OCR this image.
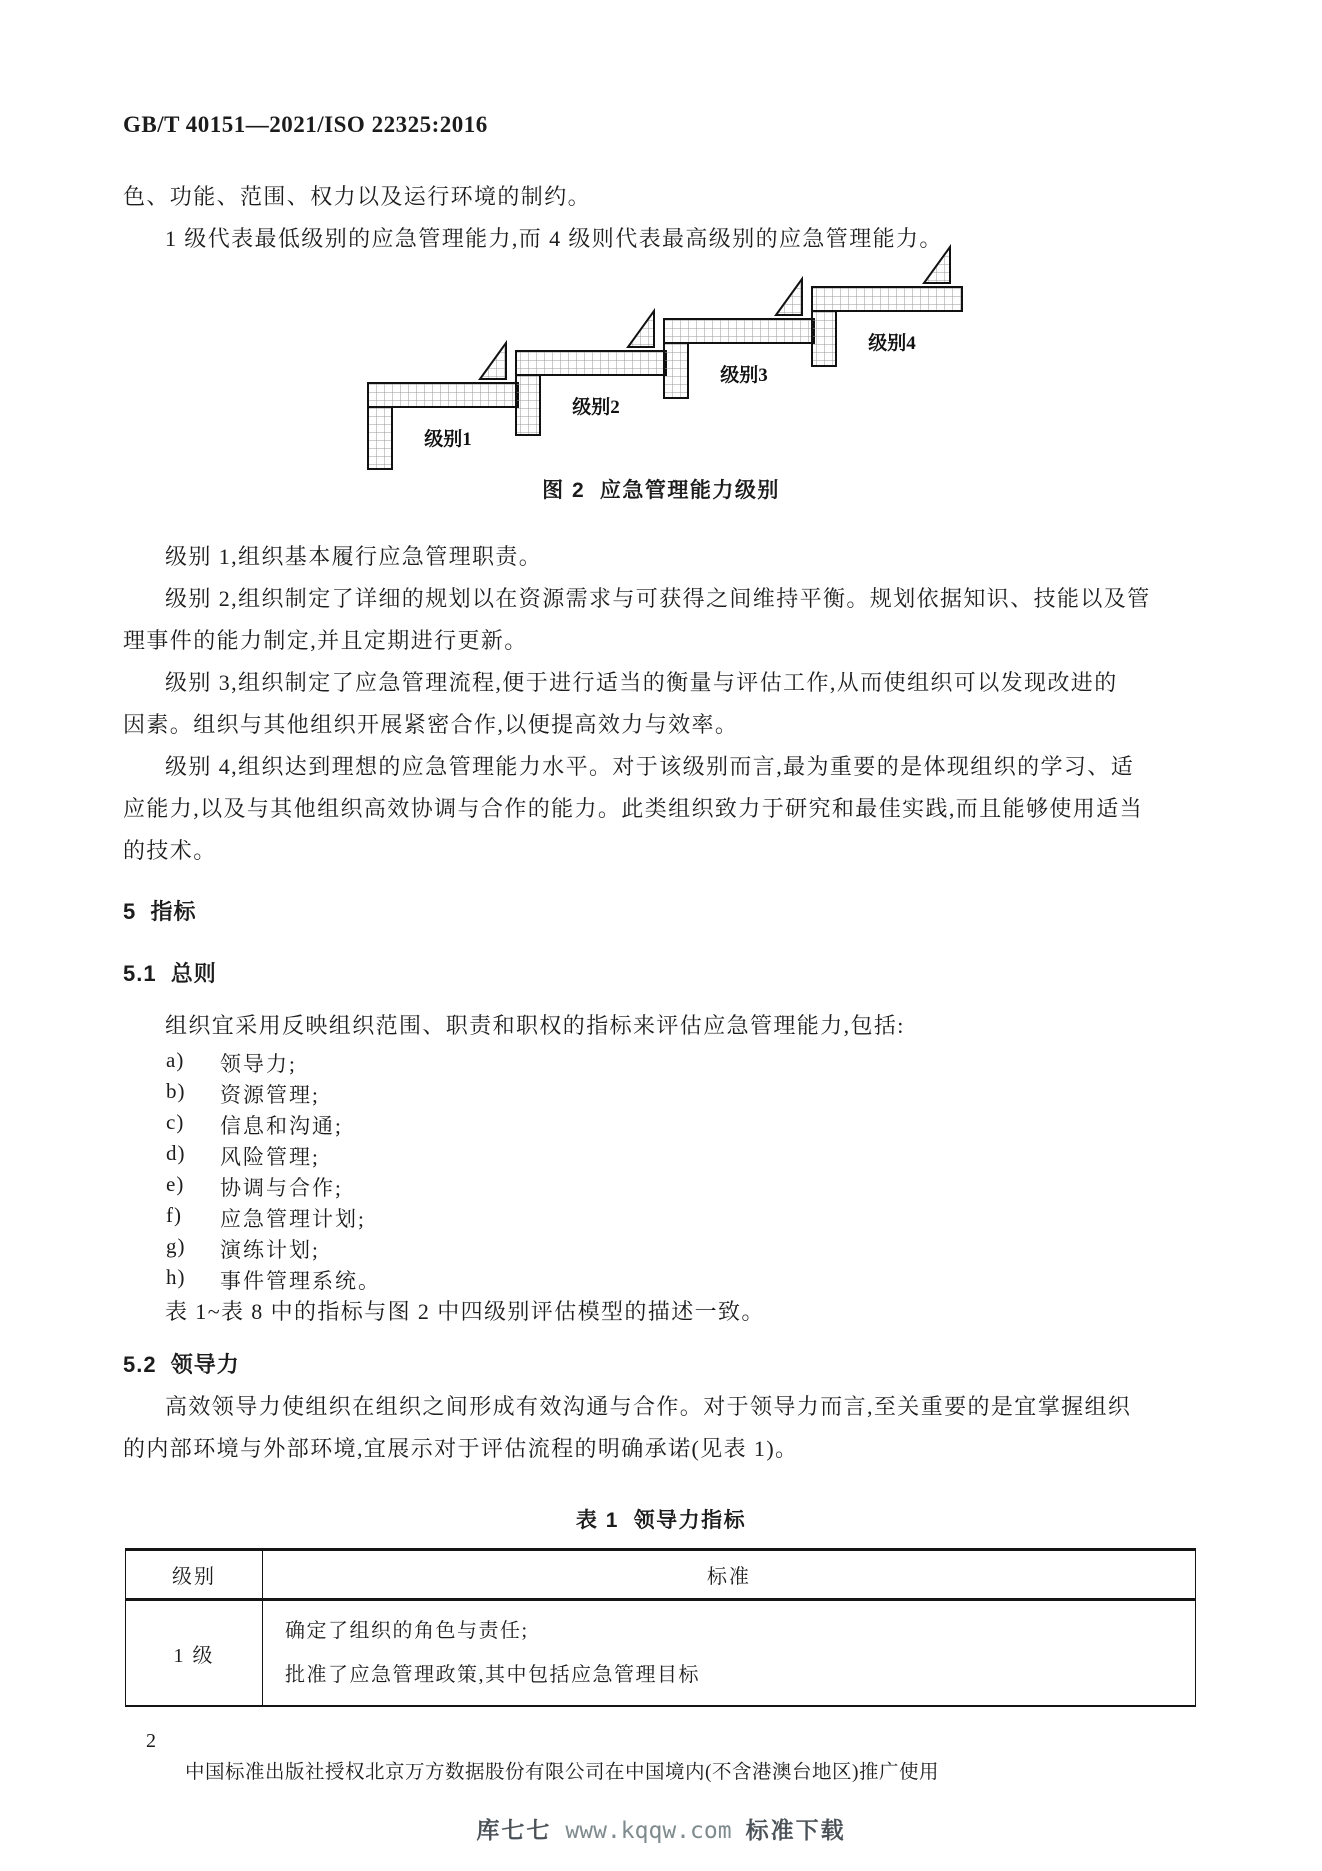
GB/T 40151—2021/ISO 22325:2016
色、功能、范围、权力以及运行环境的制约。
1 级代表最低级别的应急管理能力,而 4 级则代表最高级别的应急管理能力。
级别1
级别2
级别3
级别4
图 2  应急管理能力级别
级别 1,组织基本履行应急管理职责。
级别 2,组织制定了详细的规划以在资源需求与可获得之间维持平衡。规划依据知识、技能以及管
理事件的能力制定,并且定期进行更新。
级别 3,组织制定了应急管理流程,便于进行适当的衡量与评估工作,从而使组织可以发现改进的
因素。组织与其他组织开展紧密合作,以便提高效力与效率。
级别 4,组织达到理想的应急管理能力水平。对于该级别而言,最为重要的是体现组织的学习、适
应能力,以及与其他组织高效协调与合作的能力。此类组织致力于研究和最佳实践,而且能够使用适当
的技术。
5  指标
5.1  总则
组织宜采用反映组织范围、职责和职权的指标来评估应急管理能力,包括:
a) 领导力;
b) 资源管理;
c) 信息和沟通;
d) 风险管理;
e) 协调与合作;
f) 应急管理计划;
g) 演练计划;
h) 事件管理系统。
表 1~表 8 中的指标与图 2 中四级别评估模型的描述一致。
5.2  领导力
高效领导力使组织在组织之间形成有效沟通与合作。对于领导力而言,至关重要的是宜掌握组织
的内部环境与外部环境,宜展示对于评估流程的明确承诺(见表 1)。
表 1  领导力指标
级别	标准
1 级
确定了组织的角色与责任;
批准了应急管理政策,其中包括应急管理目标
2
中国标准出版社授权北京万方数据股份有限公司在中国境内(不含港澳台地区)推广使用
库七七 www.kqqw.com 标准下载
